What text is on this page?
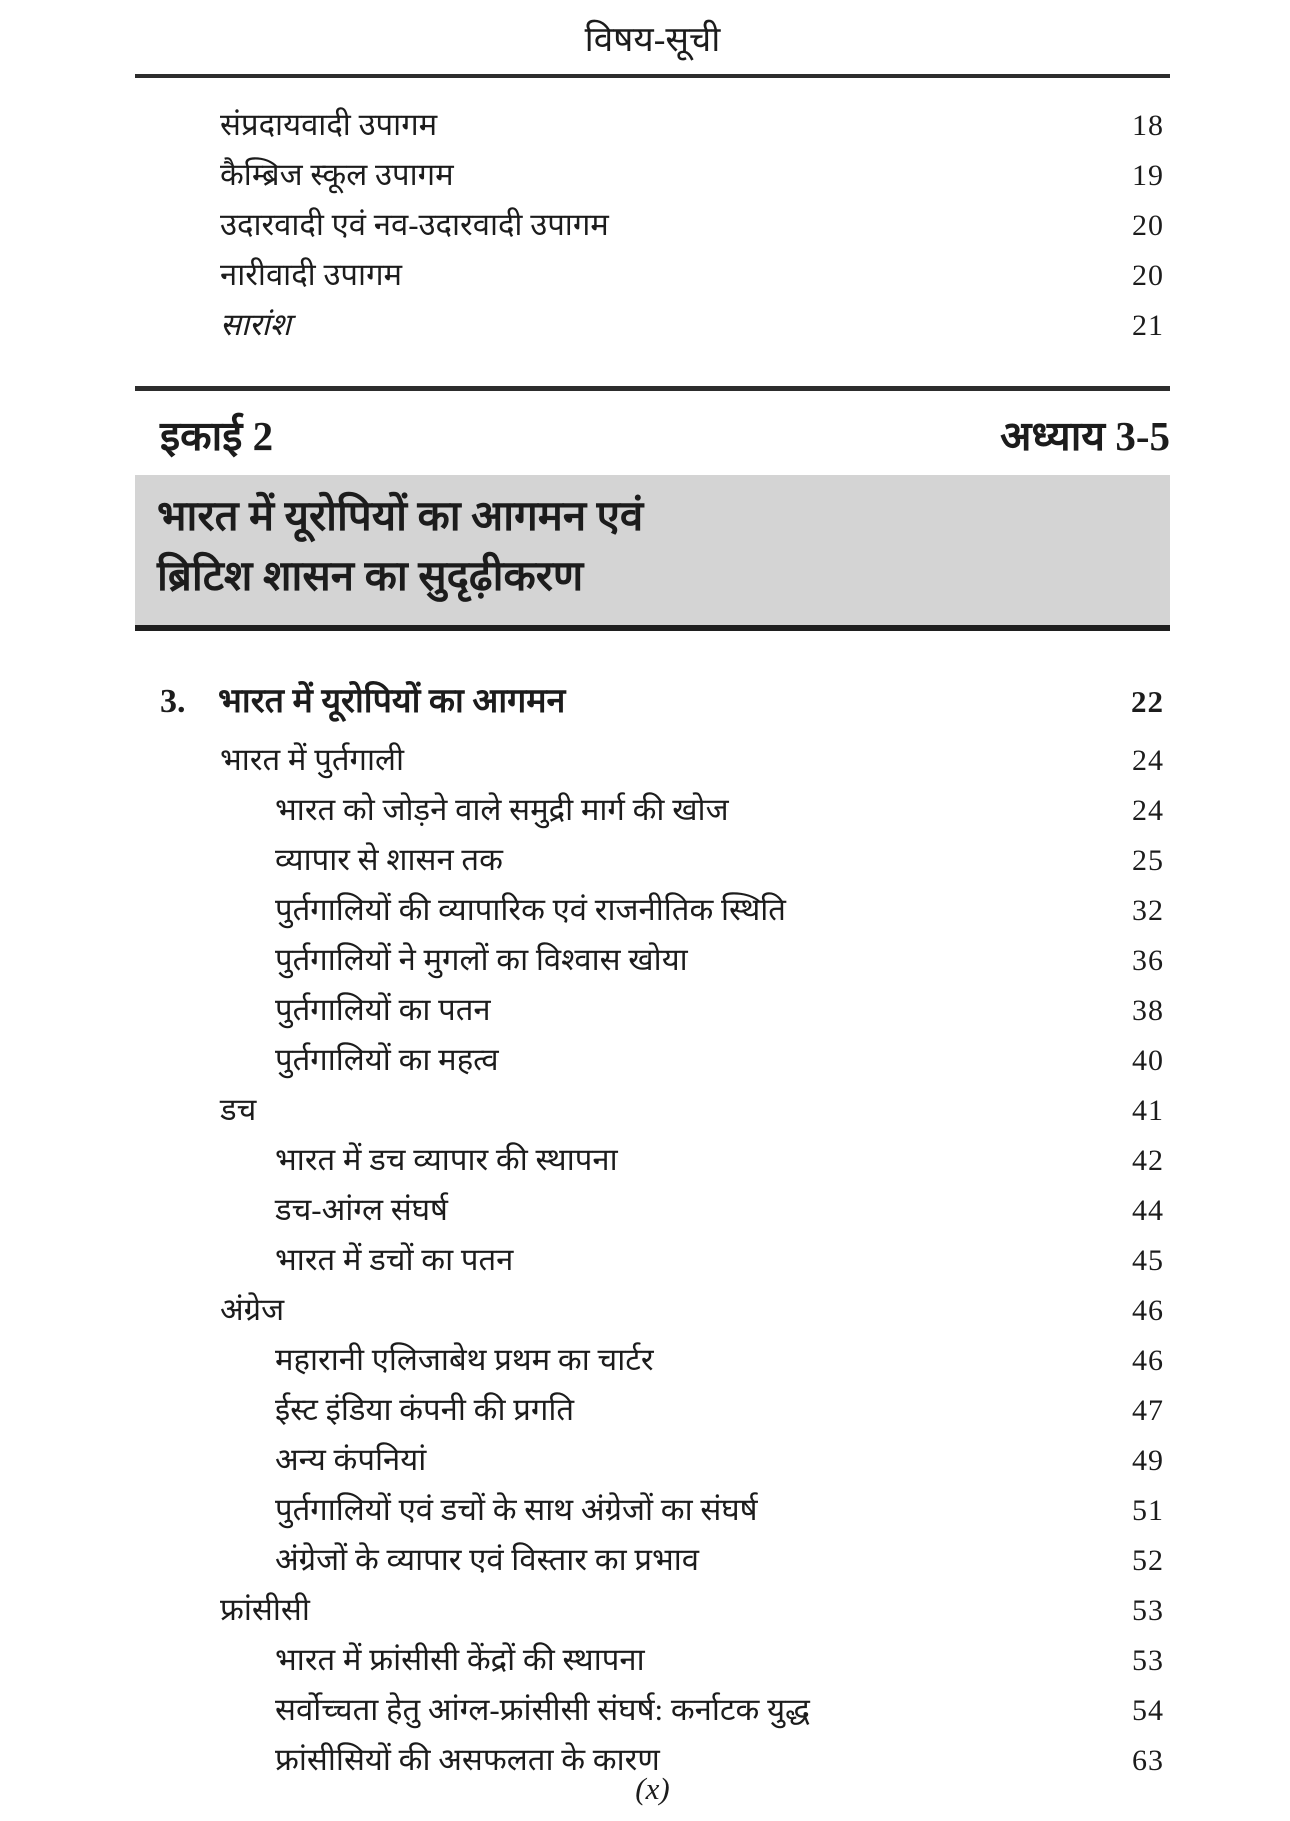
विषय-सूची
संप्रदायवादी उपागम	18
कैम्ब्रिज स्कूल उपागम	19
उदारवादी एवं नव-उदारवादी उपागम	20
नारीवादी उपागम	20
सारांश	21
इकाई 2	अध्याय 3-5
भारत में यूरोपियों का आगमन एवं
ब्रिटिश शासन का सुदृढ़ीकरण
3. भारत में यूरोपियों का आगमन	22
भारत में पुर्तगाली	24
भारत को जोड़ने वाले समुद्री मार्ग की खोज	24
व्यापार से शासन तक	25
पुर्तगालियों की व्यापारिक एवं राजनीतिक स्थिति	32
पुर्तगालियों ने मुगलों का विश्वास खोया	36
पुर्तगालियों का पतन	38
पुर्तगालियों का महत्व	40
डच	41
भारत में डच व्यापार की स्थापना	42
डच-आंग्ल संघर्ष	44
भारत में डचों का पतन	45
अंग्रेज	46
महारानी एलिजाबेथ प्रथम का चार्टर	46
ईस्ट इंडिया कंपनी की प्रगति	47
अन्य कंपनियां	49
पुर्तगालियों एवं डचों के साथ अंग्रेजों का संघर्ष	51
अंग्रेजों के व्यापार एवं विस्तार का प्रभाव	52
फ्रांसीसी	53
भारत में फ्रांसीसी केंद्रों की स्थापना	53
सर्वोच्चता हेतु आंग्ल-फ्रांसीसी संघर्ष: कर्नाटक युद्ध	54
फ्रांसीसियों की असफलता के कारण	63
(x)
